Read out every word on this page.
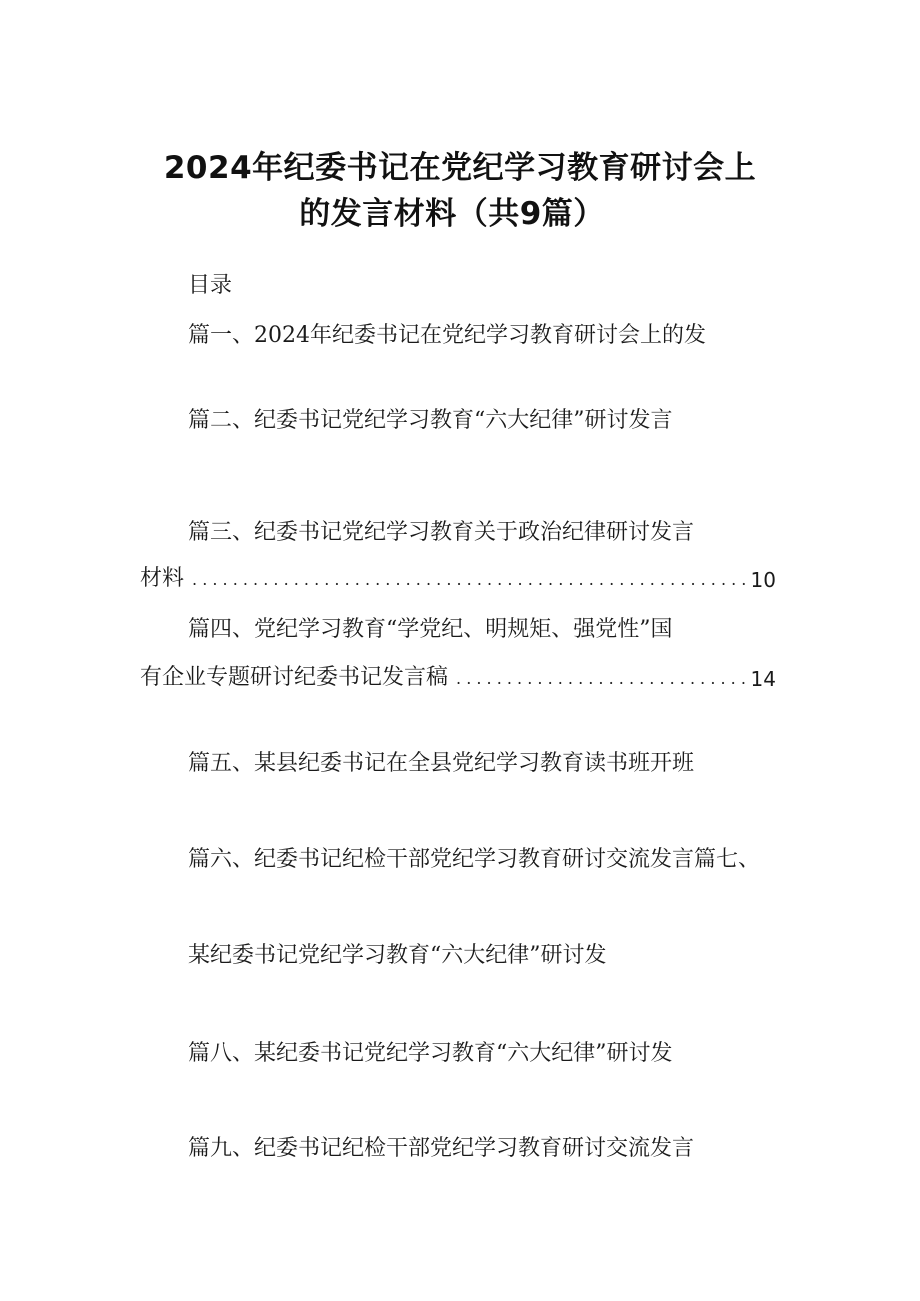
2024年纪委书记在党纪学习教育研讨会上
的发言材料（共9篇）
目录
篇一、2024年纪委书记在党纪学习教育研讨会上的发
篇二、纪委书记党纪学习教育“六大纪律”研讨发言
篇三、纪委书记党纪学习教育关于政治纪律研讨发言
材料 . . .	10
篇四、党纪学习教育“学党纪、明规矩、强党性”国
有企业专题研讨纪委书记发言稿 . . .	14
篇五、某县纪委书记在全县党纪学习教育读书班开班
篇六、纪委书记纪检干部党纪学习教育研讨交流发言篇七、
某纪委书记党纪学习教育“六大纪律”研讨发
篇八、某纪委书记党纪学习教育“六大纪律”研讨发
篇九、纪委书记纪检干部党纪学习教育研讨交流发言
